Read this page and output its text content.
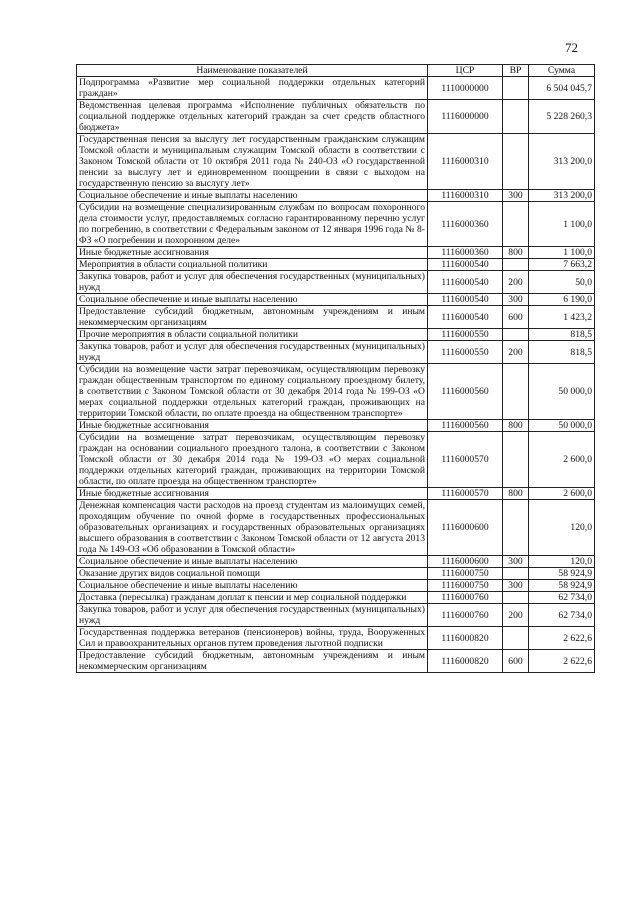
72
Наименование показателей	ЦСР	ВР	Сумма
Подпрограмма «Развитие мер социальной поддержки отдельных категорий граждан»	1110000000		6 504 045,7
Ведомственная целевая программа «Исполнение публичных обязательств по социальной поддержке отдельных категорий граждан за счет средств областного бюджета»	1116000000		5 228 260,3
Государственная пенсия за выслугу лет государственным гражданским служащим Томской области и муниципальным служащим Томской области в соответствии с Законом Томской области от 10 октября 2011 года № 240-ОЗ «О государственной пенсии за выслугу лет и единовременном поощрении в связи с выходом на государственную пенсию за выслугу лет»	1116000310		313 200,0
Социальное обеспечение и иные выплаты населению	1116000310	300	313 200,0
Субсидии на возмещение специализированным службам по вопросам похоронного дела стоимости услуг, предоставляемых согласно гарантированному перечню услуг по погребению, в соответствии с Федеральным законом от 12 января 1996 года № 8-ФЗ «О погребении и похоронном деле»	1116000360		1 100,0
Иные бюджетные ассигнования	1116000360	800	1 100,0
Мероприятия в области социальной политики	1116000540		7 663,2
Закупка товаров, работ и услуг для обеспечения государственных (муниципальных) нужд	1116000540	200	50,0
Социальное обеспечение и иные выплаты населению	1116000540	300	6 190,0
Предоставление субсидий бюджетным, автономным учреждениям и иным некоммерческим организациям	1116000540	600	1 423,2
Прочие мероприятия в области социальной политики	1116000550		818,5
Закупка товаров, работ и услуг для обеспечения государственных (муниципальных) нужд	1116000550	200	818,5
Субсидии на возмещение части затрат перевозчикам, осуществляющим перевозку граждан общественным транспортом по единому социальному проездному билету, в соответствии с Законом Томской области от 30 декабря 2014 года № 199-ОЗ «О мерах социальной поддержки отдельных категорий граждан, проживающих на территории Томской области, по оплате проезда на общественном транспорте»	1116000560		50 000,0
Иные бюджетные ассигнования	1116000560	800	50 000,0
Субсидии на возмещение затрат перевозчикам, осуществляющим перевозку граждан на основании социального проездного талона, в соответствии с Законом Томской области от 30 декабря 2014 года № 199-ОЗ «О мерах социальной поддержки отдельных категорий граждан, проживающих на территории Томской области, по оплате проезда на общественном транспорте»	1116000570		2 600,0
Иные бюджетные ассигнования	1116000570	800	2 600,0
Денежная компенсация части расходов на проезд студентам из малоимущих семей, проходящим обучение по очной форме в государственных профессиональных образовательных организациях и государственных образовательных организациях высшего образования в соответствии с Законом Томской области от 12 августа 2013 года № 149-ОЗ «Об образовании в Томской области»	1116000600		120,0
Социальное обеспечение и иные выплаты населению	1116000600	300	120,0
Оказание других видов социальной помощи	1116000750		58 924,9
Социальное обеспечение и иные выплаты населению	1116000750	300	58 924,9
Доставка (пересылка) гражданам доплат к пенсии и мер социальной поддержки	1116000760		62 734,0
Закупка товаров, работ и услуг для обеспечения государственных (муниципальных) нужд	1116000760	200	62 734,0
Государственная поддержка ветеранов (пенсионеров) войны, труда, Вооруженных Сил и правоохранительных органов путем проведения льготной подписки	1116000820		2 622,6
Предоставление субсидий бюджетным, автономным учреждениям и иным некоммерческим организациям	1116000820	600	2 622,6
